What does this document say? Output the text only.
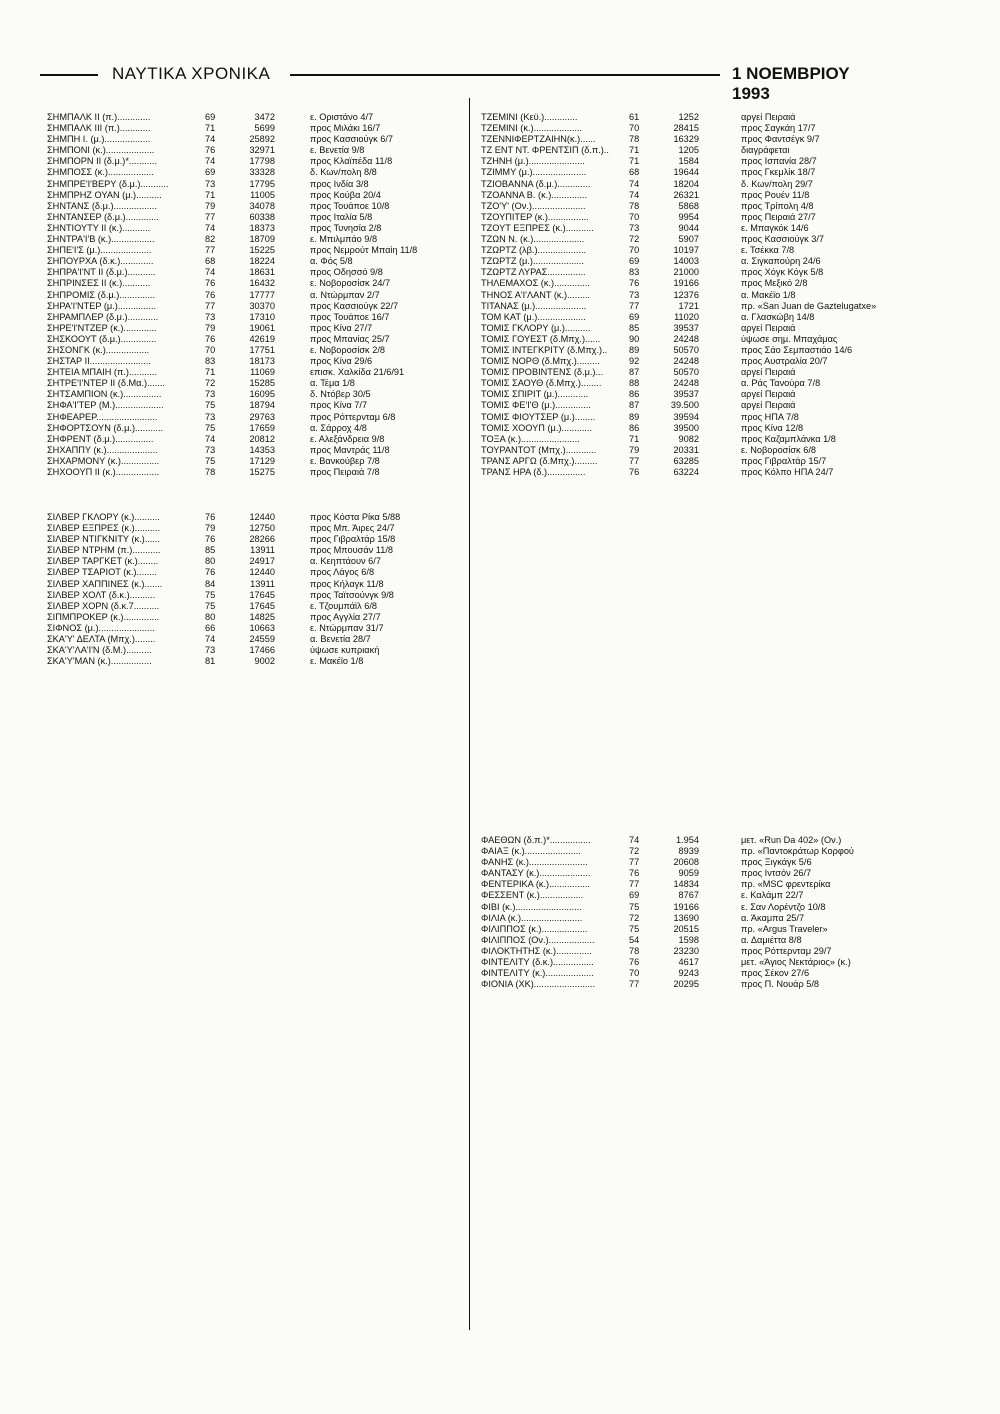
ΝΑΥΤΙΚΑ ΧΡΟΝΙΚΑ	1 ΝΟΕΜΒΡΙΟΥ 1993
ΣΗΜΠΑΛΚ II (π.).............	69	3472	ε. Οριστάνο 4/7
ΣΗΜΠΑΛΚ III (π.)............	71	5699	προς Μιλάκι 16/7
ΣΗΜΠΗ Ι. (μ.)..................	74	25892	προς Κασσιούγκ 6/7
ΣΗΜΠΟΝΙ (κ.)...................	76	32971	ε. Βενετία 9/8
ΣΗΜΠΟΡΝ II (δ.μ.)*...........	74	17798	προς Κλαϊπέδα 11/8
ΣΗΜΠΟΣΣ (κ.)..................	69	33328	δ. Κων/πολη 8/8
ΣΗΜΠΡΕ'Ι'ΒΕΡΥ (δ.μ.)...........	73	17795	προς Ινδία 3/8
ΣΗΜΠΡΗΖ ΟΥΑΝ (μ.)..........	71	11005	προς Κούβα 20/4
ΣΗΝΤΑΝΣ (δ.μ.).................	79	34078	προς Τουάποε 10/8
ΣΗΝΤΑΝΣΕΡ (δ.μ.).............	77	60338	προς Ιταλία 5/8
ΣΗΝΤΙΟΥΤΥ II (κ.)...........	74	18373	προς Τυνησία 2/8
ΣΗΝΤΡΑ'Ι'Β (κ.).................	82	18709	ε. Μπιλμπάο 9/8
ΣΗΠΕ'Ι'Σ (μ.)....................	77	15225	προς Νεμρούτ Μπαίη 11/8
ΣΗΠΟΥΡΧΑ (δ.κ.).............	68	18224	α. Φός 5/8
ΣΗΠΡΑ'Ι'ΝΤ II (δ.μ.)...........	74	18631	προς Οδησσό 9/8
ΣΗΠΡΙΝΣΕΣ II (κ.)...........	76	16432	ε. Νοβοροσίσκ 24/7
ΣΗΠΡΟΜΙΣ (δ.μ.)..............	76	17777	α. Ντώρμπαν 2/7
ΣΗΡΑ'Ι'ΝΤΕΡ (μ.)...............	77	30370	προς Κασσιούγκ 22/7
ΣΗΡΑΜΠΛΕΡ (δ.μ.)............	73	17310	προς Τουάποε 16/7
ΣΗΡΕ'Ι'ΝΤΖΕΡ (κ.).............	79	19061	προς Κίνα 27/7
ΣΗΣΚΟΟΥΤ (δ.μ.)..............	76	42619	προς Μπανίας 25/7
ΣΗΣΟΝΓΚ (κ.).................	70	17751	ε. Νοβοροσίσκ 2/8
ΣΗΣΤΑΡ II........................	83	18173	προς Κίνα 29/6
ΣΗΤΕΙΑ ΜΠΑΙΗ (π.)...........	71	11069	επισκ. Χαλκίδα 21/6/91
ΣΗΤΡΕ'Ι'ΝΤΕΡ II (δ.Μα.).......	72	15285	α. Τέμα 1/8
ΣΗΤΣΑΜΠΙΟΝ (κ.)...............	73	16095	δ. Ντόβερ 30/5
ΣΗΦΑ'Ι'ΤΕΡ (Μ.)...................	75	18794	προς Κίνα 7/7
ΣΗΦΕΑΡΕΡ........................	73	29763	προς Ρόττερνταμ 6/8
ΣΗΦΟΡΤΣΟΥΝ (δ.μ.)...........	75	17659	α. Σάρροχ 4/8
ΣΗΦΡΕΝΤ (δ.μ.)...............	74	20812	ε. Αλεξάνδρεια 9/8
ΣΗΧΑΠΠΥ (κ.)....................	73	14353	προς Μαντράς 11/8
ΣΗΧΑΡΜΟΝΥ (κ.)...............	75	17129	ε. Βανκούβερ 7/8
ΣΗΧΟΟΥΠ II (κ.).................	78	15275	προς Πειραιά 7/8
ΣΙΛΒΕΡ ΓΚΛΟΡΥ (κ.)..........	76	12440	προς Κόστα Ρίκα 5/88
ΣΙΛΒΕΡ ΕΞΠΡΕΣ (κ.)..........	79	12750	προς Μπ. Άιρες 24/7
ΣΙΛΒΕΡ ΝΤΙΓΚΝΙΤΥ (κ.)......	76	28266	προς Γιβραλτάρ 15/8
ΣΙΛΒΕΡ ΝΤΡΗΜ (π.)...........	85	13911	προς Μπουσάν 11/8
ΣΙΛΒΕΡ ΤΑΡΓΚΕΤ (κ.)........	80	24917	α. Κεηπτάουν 6/7
ΣΙΛΒΕΡ ΤΣΑΡΙΟΤ (κ.)........	76	12440	προς Λάγος 6/8
ΣΙΛΒΕΡ ΧΑΠΠΙΝΕΣ (κ.).......	84	13911	προς Κήλαγκ 11/8
ΣΙΛΒΕΡ ΧΟΛΤ (δ.κ.)..........	75	17645	προς Ταϊτσούνγκ 9/8
ΣΙΛΒΕΡ ΧΟΡΝ (δ.κ.7..........	75	17645	ε. Τζουμπάϊλ 6/8
ΣΙΠΜΠΡΟΚΕΡ (κ.)..............	80	14825	προς Αγγλία 27/7
ΣΙΦΝΟΣ (μ.)......................	66	10663	ε. Ντώρμπαν 31/7
ΣΚΑ'Υ' ΔΕΛΤΑ (Μπχ.)........	74	24559	α. Βενετία 28/7
ΣΚΑ'Υ'ΛΑ'Ι'Ν (δ.Μ.)..........	73	17466	ύψωσε κυπριακή
ΣΚΑ'Υ'ΜΑΝ (κ.)................	81	9002	ε. Μακέϊο 1/8
ΤΖΕΜΙΝΙ (Κεϋ.).............	61	1252	αργεί Πειραιά
ΤΖΕΜΙΝΙ (κ.)...................	70	28415	προς Σαγκάη 17/7
ΤΖΕΝΝΙΦΕΡΤΖΑΙΗΝ(κ.)......	78	16329	προς Φαντσέγκ 9/7
ΤΖ ΕΝΤ ΝΤ. ΦΡΕΝΤΣΙΠ (δ.π.)..	71	1205	διαγράφεται
ΤΖΗΝΗ (μ.)......................	71	1584	προς Ισπανία 28/7
ΤΖΙΜΜΥ (μ.).....................	68	19644	προς Γκεμλίκ 18/7
ΤΖΙΟΒΑΝΝΑ (δ.μ.).............	74	18204	δ. Κων/πολη 29/7
ΤΖΟΑΝΝΑ Β. (κ.)..............	74	26321	προς Ρουέν 11/8
ΤΖΟ'Υ' (Ον.).....................	78	5868	προς Τρίπολη 4/8
ΤΖΟΥΠΙΤΕΡ (κ.)................	70	9954	προς Πειραιά 27/7
ΤΖΟΥΤ ΕΞΠΡΕΣ (κ.)...........	73	9044	ε. Μπαγκόκ 14/6
ΤΖΩΝ Ν. (κ.)....................	72	5907	προς Κασσιούγκ 3/7
ΤΖΩΡΤΖ (λβ.)...................	70	10197	ε. Τσέκκα 7/8
ΤΖΩΡΤΖ (μ.)....................	69	14003	α. Σιγκαπούρη 24/6
ΤΖΩΡΤΖ ΛΥΡΑΣ...............	83	21000	προς Χόγκ Κόγκ 5/8
ΤΗΛΕΜΑΧΟΣ (κ.)..............	76	19166	προς Μεξικό 2/8
ΤΗΝΟΣ Α'Ι'ΛΑΝΤ (κ.).........	73	12376	α. Μακέϊο 1/8
ΤΙΤΑΝΑΣ (μ.)....................	77	1721	πρ. «San Juan de Gaztelugatxe»
ΤΟΜ ΚΑΤ (μ.)...................	69	11020	α. Γλασκώβη 14/8
ΤΟΜΙΣ ΓΚΛΟΡΥ (μ.)..........	85	39537	αργεί Πειραιά
ΤΟΜΙΣ ΓΟΥΕΣΤ (δ.Μπχ.)......	90	24248	ύψωσε σημ. Μπαχάμας
ΤΟΜΙΣ ΙΝΤΕΓΚΡΙΤΥ (δ.Μπχ.)..	89	50570	προς Σάο Σεμπαστιάο 14/6
ΤΟΜΙΣ ΝΟΡΘ (δ.Μπχ.).........	92	24248	προς Αυστραλία 20/7
ΤΟΜΙΣ ΠΡΟΒΙΝΤΕΝΣ (δ.μ.)...	87	50570	αργεί Πειραιά
ΤΟΜΙΣ ΣΑΟΥΘ (δ.Μπχ.)........	88	24248	α. Ράς Τανούρα 7/8
ΤΟΜΙΣ ΣΠΙΡΙΤ (μ.)............	86	39537	αργεί Πειραιά
ΤΟΜΙΣ ΦΕ'Ι'Θ (μ.)..............	87	39.500	αργεί Πειραιά
ΤΟΜΙΣ ΦΙΟΥΤΣΕΡ (μ.)........	89	39594	προς ΗΠΑ 7/8
ΤΟΜΙΣ ΧΟΟΥΠ (μ.)............	86	39500	προς Κίνα 12/8
ΤΟΞΑ (κ.).......................	71	9082	προς Καζαμπλάνκα 1/8
ΤΟΥΡΑΝΤΟΤ (Μπχ.)............	79	20331	ε. Νοβοροσίσκ 6/8
ΤΡΑΝΣ ΑΡΓΩ (δ.Μπχ.).........	77	63285	προς Γιβραλτάρ 15/7
ΤΡΑΝΣ ΗΡΑ (δ.)...............	76	63224	προς Κόλπο ΗΠΑ 24/7
ΦΑΕΘΩΝ (δ.π.)*................	74	1.954	μετ. «Run Da 402» (Ον.)
ΦΑΙΑΞ (κ.)......................	72	8939	πρ. «Παντοκράτωρ Κορφού
ΦΑΝΗΣ (κ.).......................	77	20608	προς Ξιγκάγκ 5/6
ΦΑΝΤΑΣΥ (κ.)....................	76	9059	προς Ιντσόν 26/7
ΦΕΝΤΕΡΙΚΑ (κ.)................	77	14834	πρ. «MSC φρεντερίκα
ΦΕΣΣΕΝΤ (κ.).................	69	8767	ε. Καλάμπ 22/7
ΦΙΒΙ (κ.)..........................	75	19166	ε. Σαν Λορέντζο 10/8
ΦΙΛΙΑ (κ.)........................	72	13690	α. Άκαμπα 25/7
ΦΙΛΙΠΠΟΣ (κ.)..................	75	20515	πρ. «Argus Traveler»
ΦΙΛΙΠΠΟΣ (Ον.)..................	54	1598	α. Δαμιέττα 8/8
ΦΙΛΟΚΤΗΤΗΣ (κ.)..............	78	23230	προς Ρόττερνταμ 29/7
ΦΙΝΤΕΛΙΤΥ (δ.κ.)................	76	4617	μετ. «Άγιος Νεκτάριος» (κ.)
ΦΙΝΤΕΛΙΤΥ (κ.)...................	70	9243	προς Σέκον 27/6
ΦΙΟΝΙΑ (ΧΚ)........................	77	20295	προς Π. Νουάρ 5/8
